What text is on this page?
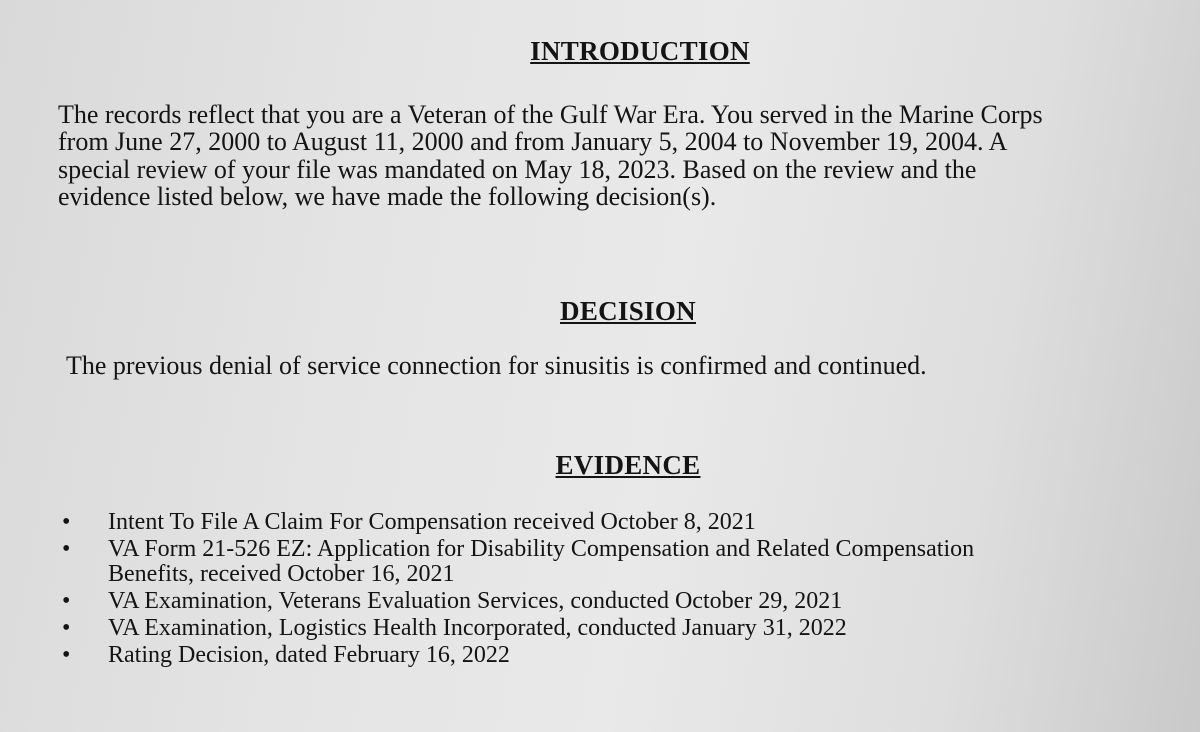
INTRODUCTION
The records reflect that you are a Veteran of the Gulf War Era. You served in the Marine Corps
from June 27, 2000 to August 11, 2000 and from January 5, 2004 to November 19, 2004. A
special review of your file was mandated on May 18, 2023. Based on the review and the
evidence listed below, we have made the following decision(s).
DECISION
The previous denial of service connection for sinusitis is confirmed and continued.
EVIDENCE
• Intent To File A Claim For Compensation received October 8, 2021
• VA Form 21-526 EZ: Application for Disability Compensation and Related Compensation
Benefits, received October 16, 2021
• VA Examination, Veterans Evaluation Services, conducted October 29, 2021
• VA Examination, Logistics Health Incorporated, conducted January 31, 2022
• Rating Decision, dated February 16, 2022
